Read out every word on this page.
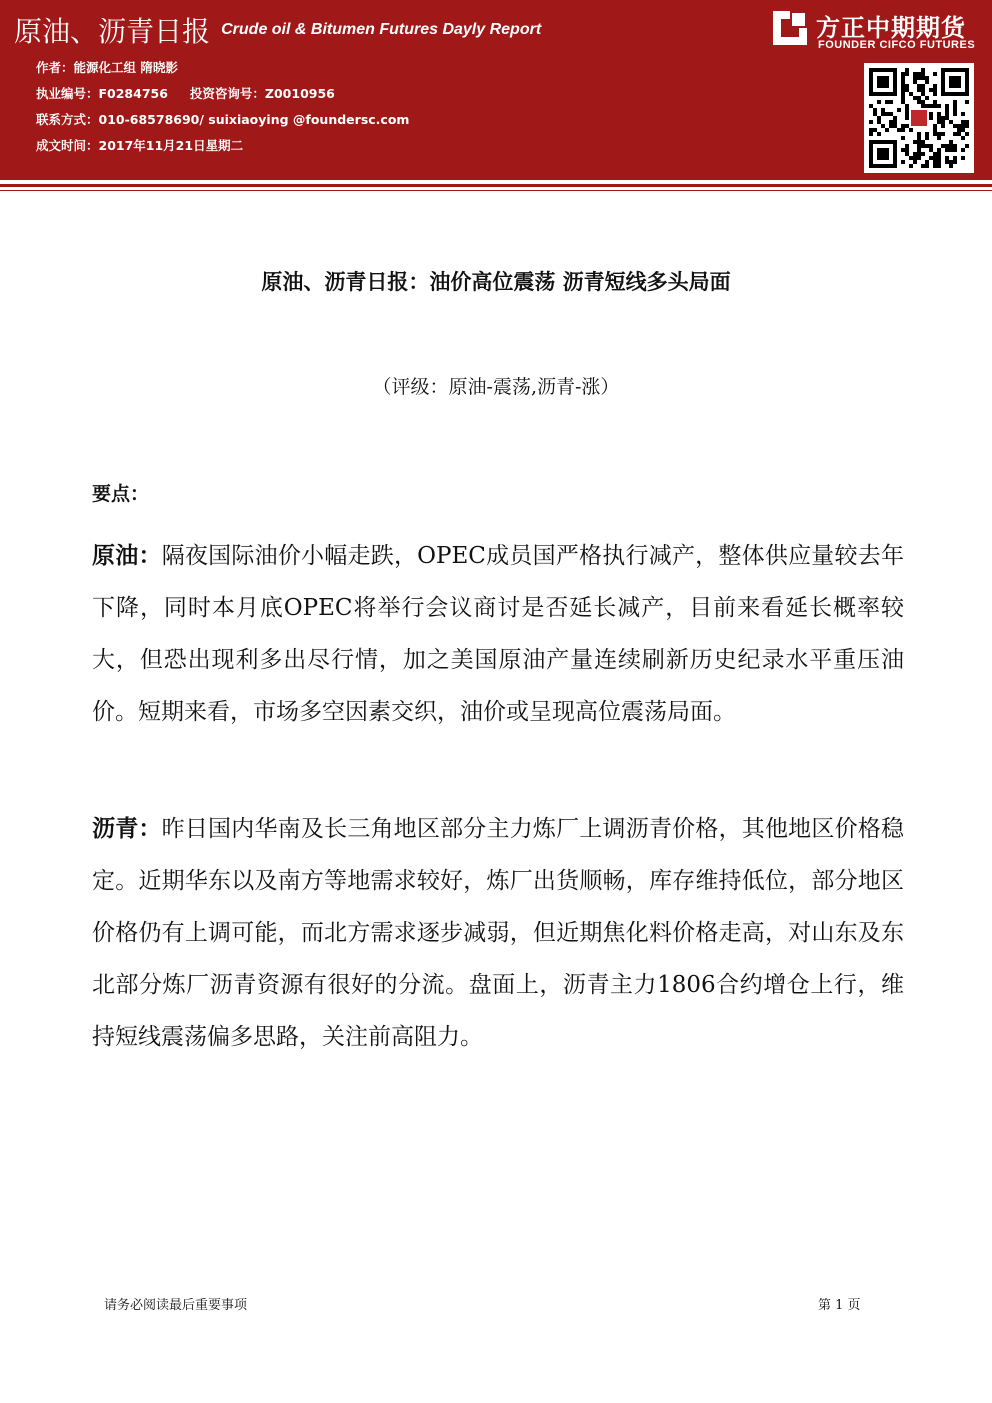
原油、沥青日报 Crude oil & Bitumen Futures Dayly Report
作者：能源化工组 隋晓影
执业编号：F0284756 投资咨询号：Z0010956
联系方式：010-68578690/ suixiaoying @foundersc.com
成文时间：2017年11月21日星期二
方正中期期货
FOUNDER CIFCO FUTURES
原油、沥青日报：油价高位震荡 沥青短线多头局面
（评级：原油-震荡,沥青-涨）
要点：
原油：隔夜国际油价小幅走跌，OPEC成员国严格执行减产，整体供应量较去年下降，同时本月底OPEC将举行会议商讨是否延长减产，目前来看延长概率较大，但恐出现利多出尽行情，加之美国原油产量连续刷新历史纪录水平重压油价。短期来看，市场多空因素交织，油价或呈现高位震荡局面。
沥青：昨日国内华南及长三角地区部分主力炼厂上调沥青价格，其他地区价格稳定。近期华东以及南方等地需求较好，炼厂出货顺畅，库存维持低位，部分地区价格仍有上调可能，而北方需求逐步减弱，但近期焦化料价格走高，对山东及东北部分炼厂沥青资源有很好的分流。盘面上，沥青主力1806合约增仓上行，维持短线震荡偏多思路，关注前高阻力。
请务必阅读最后重要事项	第 1 页
